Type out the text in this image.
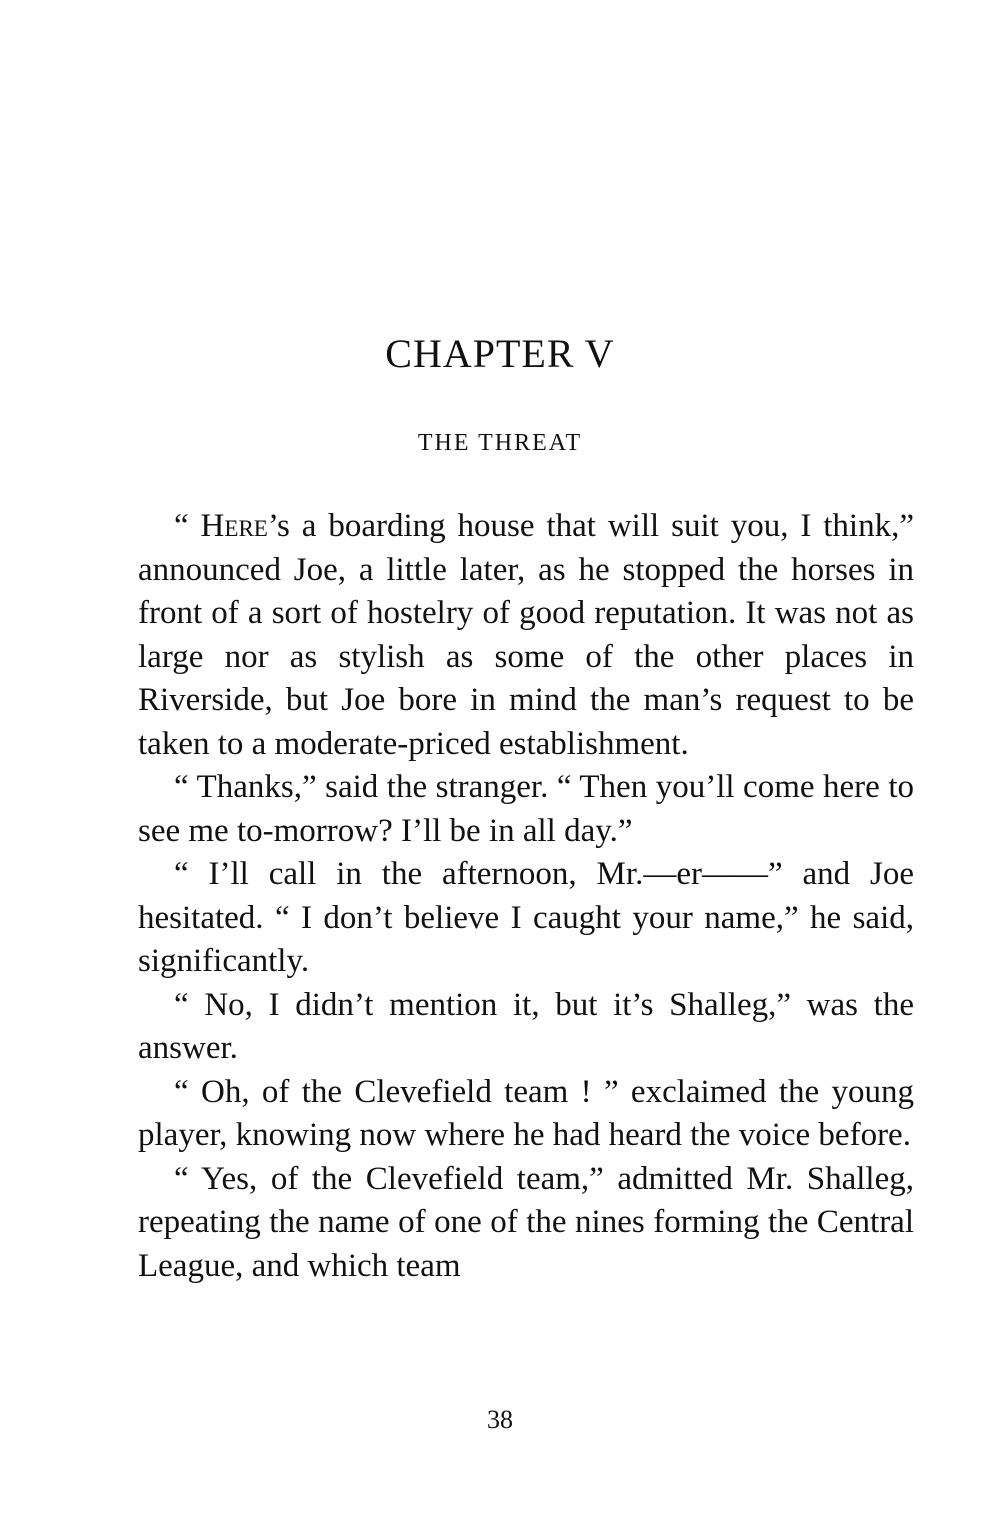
CHAPTER V
THE THREAT

“ Here’s a boarding house that will suit you, I think,” announced Joe, a little later, as he stopped the horses in front of a sort of hostelry of good reputation. It was not as large nor as stylish as some of the other places in Riverside, but Joe bore in mind the man’s request to be taken to a moderate-priced establishment.

“ Thanks,” said the stranger. “ Then you’ll come here to see me to-morrow? I’ll be in all day.”

“ I’ll call in the afternoon, Mr.—er——” and Joe hesitated. “ I don’t believe I caught your name,” he said, significantly.

“ No, I didn’t mention it, but it’s Shalleg,” was the answer.

“ Oh, of the Clevefield team ! ” exclaimed the young player, knowing now where he had heard the voice before.

“ Yes, of the Clevefield team,” admitted Mr. Shalleg, repeating the name of one of the nines forming the Central League, and which team

38
